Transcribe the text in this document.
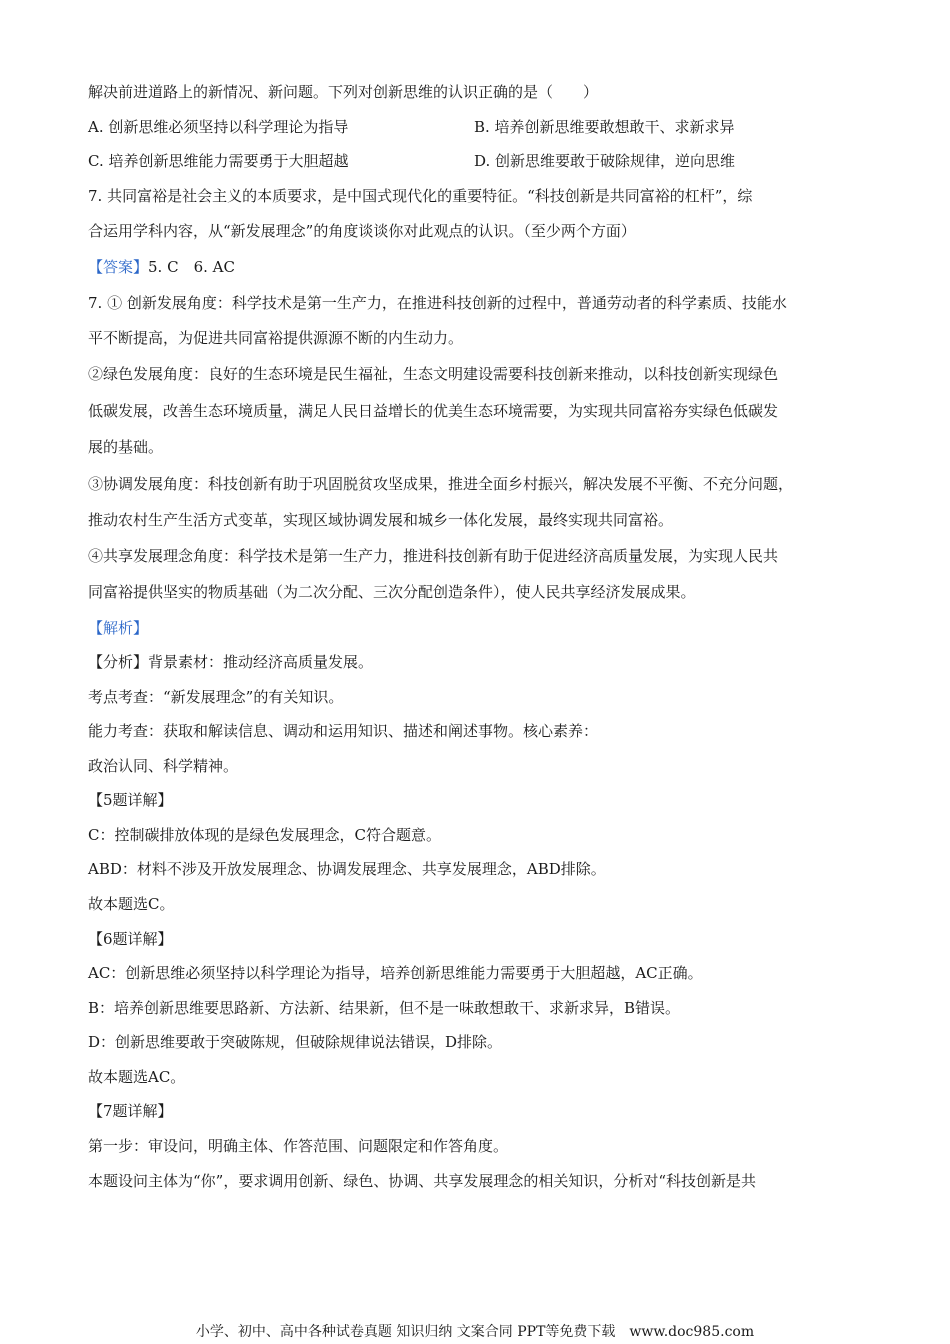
解决前进道路上的新情况、新问题。下列对创新思维的认识正确的是（　　）
A. 创新思维必须坚持以科学理论为指导	B. 培养创新思维要敢想敢干、求新求异
C. 培养创新思维能力需要勇于大胆超越	D. 创新思维要敢于破除规律，逆向思维
7. 共同富裕是社会主义的本质要求，是中国式现代化的重要特征。“科技创新是共同富裕的杠杆”，综
合运用学科内容，从“新发展理念”的角度谈谈你对此观点的认识。（至少两个方面）
【答案】5. C　6. AC
7. ① 创新发展角度：科学技术是第一生产力，在推进科技创新的过程中，普通劳动者的科学素质、技能水
平不断提高，为促进共同富裕提供源源不断的内生动力。
②绿色发展角度：良好的生态环境是民生福祉，生态文明建设需要科技创新来推动，以科技创新实现绿色
低碳发展，改善生态环境质量，满足人民日益增长的优美生态环境需要，为实现共同富裕夯实绿色低碳发
展的基础。
③协调发展角度：科技创新有助于巩固脱贫攻坚成果，推进全面乡村振兴，解决发展不平衡、不充分问题，
推动农村生产生活方式变革，实现区域协调发展和城乡一体化发展，最终实现共同富裕。
④共享发展理念角度：科学技术是第一生产力，推进科技创新有助于促进经济高质量发展，为实现人民共
同富裕提供坚实的物质基础（为二次分配、三次分配创造条件），使人民共享经济发展成果。
【解析】
【分析】背景素材：推动经济高质量发展。
考点考查：“新发展理念”的有关知识。
能力考查：获取和解读信息、调动和运用知识、描述和阐述事物。核心素养：
政治认同、科学精神。
【5题详解】
C：控制碳排放体现的是绿色发展理念，C符合题意。
ABD：材料不涉及开放发展理念、协调发展理念、共享发展理念，ABD排除。
故本题选C。
【6题详解】
AC：创新思维必须坚持以科学理论为指导，培养创新思维能力需要勇于大胆超越，AC正确。
B：培养创新思维要思路新、方法新、结果新，但不是一味敢想敢干、求新求异，B错误。
D：创新思维要敢于突破陈规，但破除规律说法错误，D排除。
故本题选AC。
【7题详解】
第一步：审设问，明确主体、作答范围、问题限定和作答角度。
本题设问主体为“你”，要求调用创新、绿色、协调、共享发展理念的相关知识，分析对“科技创新是共
小学、初中、高中各种试卷真题 知识归纳 文案合同 PPT等免费下载 www.doc985.com
